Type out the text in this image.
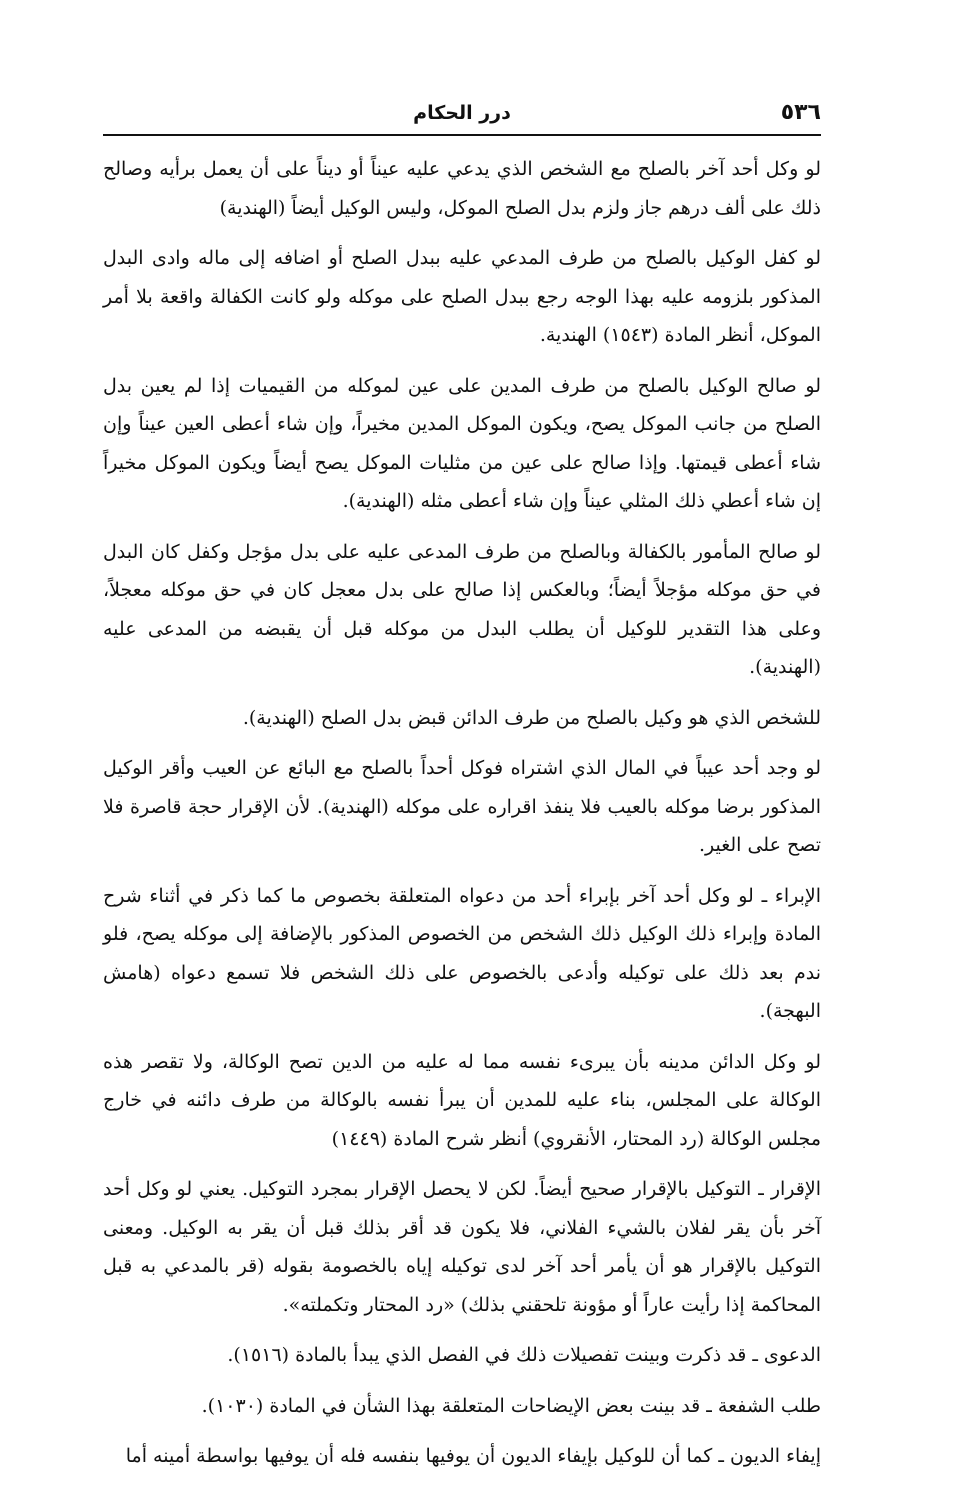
٥٣٦
درر الحكام

لو وكل أحد آخر بالصلح مع الشخص الذي يدعي عليه عيناً أو ديناً على أن يعمل برأيه وصالح ذلك على ألف درهم جاز ولزم بدل الصلح الموكل، وليس الوكيل أيضاً (الهندية)

لو كفل الوكيل بالصلح من طرف المدعي عليه ببدل الصلح أو اضافه إلى ماله وادى البدل المذكور بلزومه عليه بهذا الوجه رجع ببدل الصلح على موكله ولو كانت الكفالة واقعة بلا أمر الموكل، أنظر المادة (١٥٤٣) الهندية.

لو صالح الوكيل بالصلح من طرف المدين على عين لموكله من القيميات إذا لم يعين بدل الصلح من جانب الموكل يصح، ويكون الموكل المدين مخيراً، وإن شاء أعطى العين عيناً وإن شاء أعطى قيمتها. وإذا صالح على عين من مثليات الموكل يصح أيضاً ويكون الموكل مخيراً إن شاء أعطي ذلك المثلي عيناً وإن شاء أعطى مثله (الهندية).

لو صالح المأمور بالكفالة وبالصلح من طرف المدعى عليه على بدل مؤجل وكفل كان البدل في حق موكله مؤجلاً أيضاً؛ وبالعكس إذا صالح على بدل معجل كان في حق موكله معجلاً، وعلى هذا التقدير للوكيل أن يطلب البدل من موكله قبل أن يقبضه من المدعى عليه (الهندية).

للشخص الذي هو وكيل بالصلح من طرف الدائن قبض بدل الصلح (الهندية).

لو وجد أحد عيباً في المال الذي اشتراه فوكل أحداً بالصلح مع البائع عن العيب وأقر الوكيل المذكور برضا موكله بالعيب فلا ينفذ اقراره على موكله (الهندية). لأن الإقرار حجة قاصرة فلا تصح على الغير.

الإبراء ـ لو وكل أحد آخر بإبراء أحد من دعواه المتعلقة بخصوص ما كما ذكر في أثناء شرح المادة وإبراء ذلك الوكيل ذلك الشخص من الخصوص المذكور بالإضافة إلى موكله يصح، فلو ندم بعد ذلك على توكيله وأدعى بالخصوص على ذلك الشخص فلا تسمع دعواه (هامش البهجة).

لو وكل الدائن مدينه بأن يبرىء نفسه مما له عليه من الدين تصح الوكالة، ولا تقصر هذه الوكالة على المجلس، بناء عليه للمدين أن يبرأ نفسه بالوكالة من طرف دائنه في خارج مجلس الوكالة (رد المحتار، الأنقروي) أنظر شرح المادة (١٤٤٩)

الإقرار ـ التوكيل بالإقرار صحيح أيضاً. لكن لا يحصل الإقرار بمجرد التوكيل. يعني لو وكل أحد آخر بأن يقر لفلان بالشيء الفلاني، فلا يكون قد أقر بذلك قبل أن يقر به الوكيل. ومعنى التوكيل بالإقرار هو أن يأمر أحد آخر لدى توكيله إياه بالخصومة بقوله (قر بالمدعي به قبل المحاكمة إذا رأيت عاراً أو مؤونة تلحقني بذلك) «رد المحتار وتكملته».

الدعوى ـ قد ذكرت وبينت تفصيلات ذلك في الفصل الذي يبدأ بالمادة (١٥١٦).

طلب الشفعة ـ قد بينت بعض الإيضاحات المتعلقة بهذا الشأن في المادة (١٠٣٠).

إيفاء الديون ـ كما أن للوكيل بإيفاء الديون أن يوفيها بنفسه فله أن يوفيها بواسطة أمينه أما
